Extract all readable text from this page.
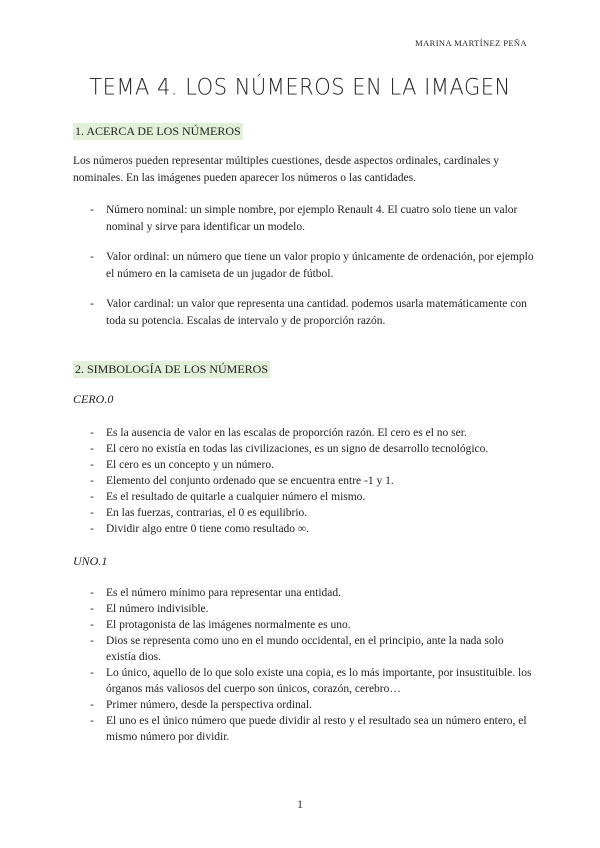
MARINA MARTÍNEZ PEÑA
TEMA 4. LOS NÚMEROS EN LA IMAGEN
1. ACERCA DE LOS NÚMEROS
Los números pueden representar múltiples cuestiones, desde aspectos ordinales, cardinales y nominales. En las imágenes pueden aparecer los números o las cantidades.
- Número nominal: un simple nombre, por ejemplo Renault 4. El cuatro solo tiene un valor nominal y sirve para identificar un modelo.
- Valor ordinal: un número que tiene un valor propio y únicamente de ordenación, por ejemplo el número en la camiseta de un jugador de fútbol.
- Valor cardinal: un valor que representa una cantidad. podemos usarla matemáticamente con toda su potencia. Escalas de intervalo y de proporción razón.
2. SIMBOLOGÍA DE LOS NÚMEROS
CERO.0
- Es la ausencia de valor en las escalas de proporción razón. El cero es el no ser.
- El cero no existía en todas las civilizaciones, es un signo de desarrollo tecnológico.
- El cero es un concepto y un número.
- Elemento del conjunto ordenado que se encuentra entre -1 y 1.
- Es el resultado de quitarle a cualquier número el mismo.
- En las fuerzas, contrarias, el 0 es equilibrio.
- Dividir algo entre 0 tiene como resultado ∞.
UNO.1
- Es el número mínimo para representar una entidad.
- El número indivisible.
- El protagonista de las imágenes normalmente es uno.
- Dios se representa como uno en el mundo occidental, en el principio, ante la nada solo existía dios.
- Lo único, aquello de lo que solo existe una copia, es lo más importante, por insustituible. los órganos más valiosos del cuerpo son únicos, corazón, cerebro…
- Primer número, desde la perspectiva ordinal.
- El uno es el único número que puede dividir al resto y el resultado sea un número entero, el mismo número por dividir.
1
